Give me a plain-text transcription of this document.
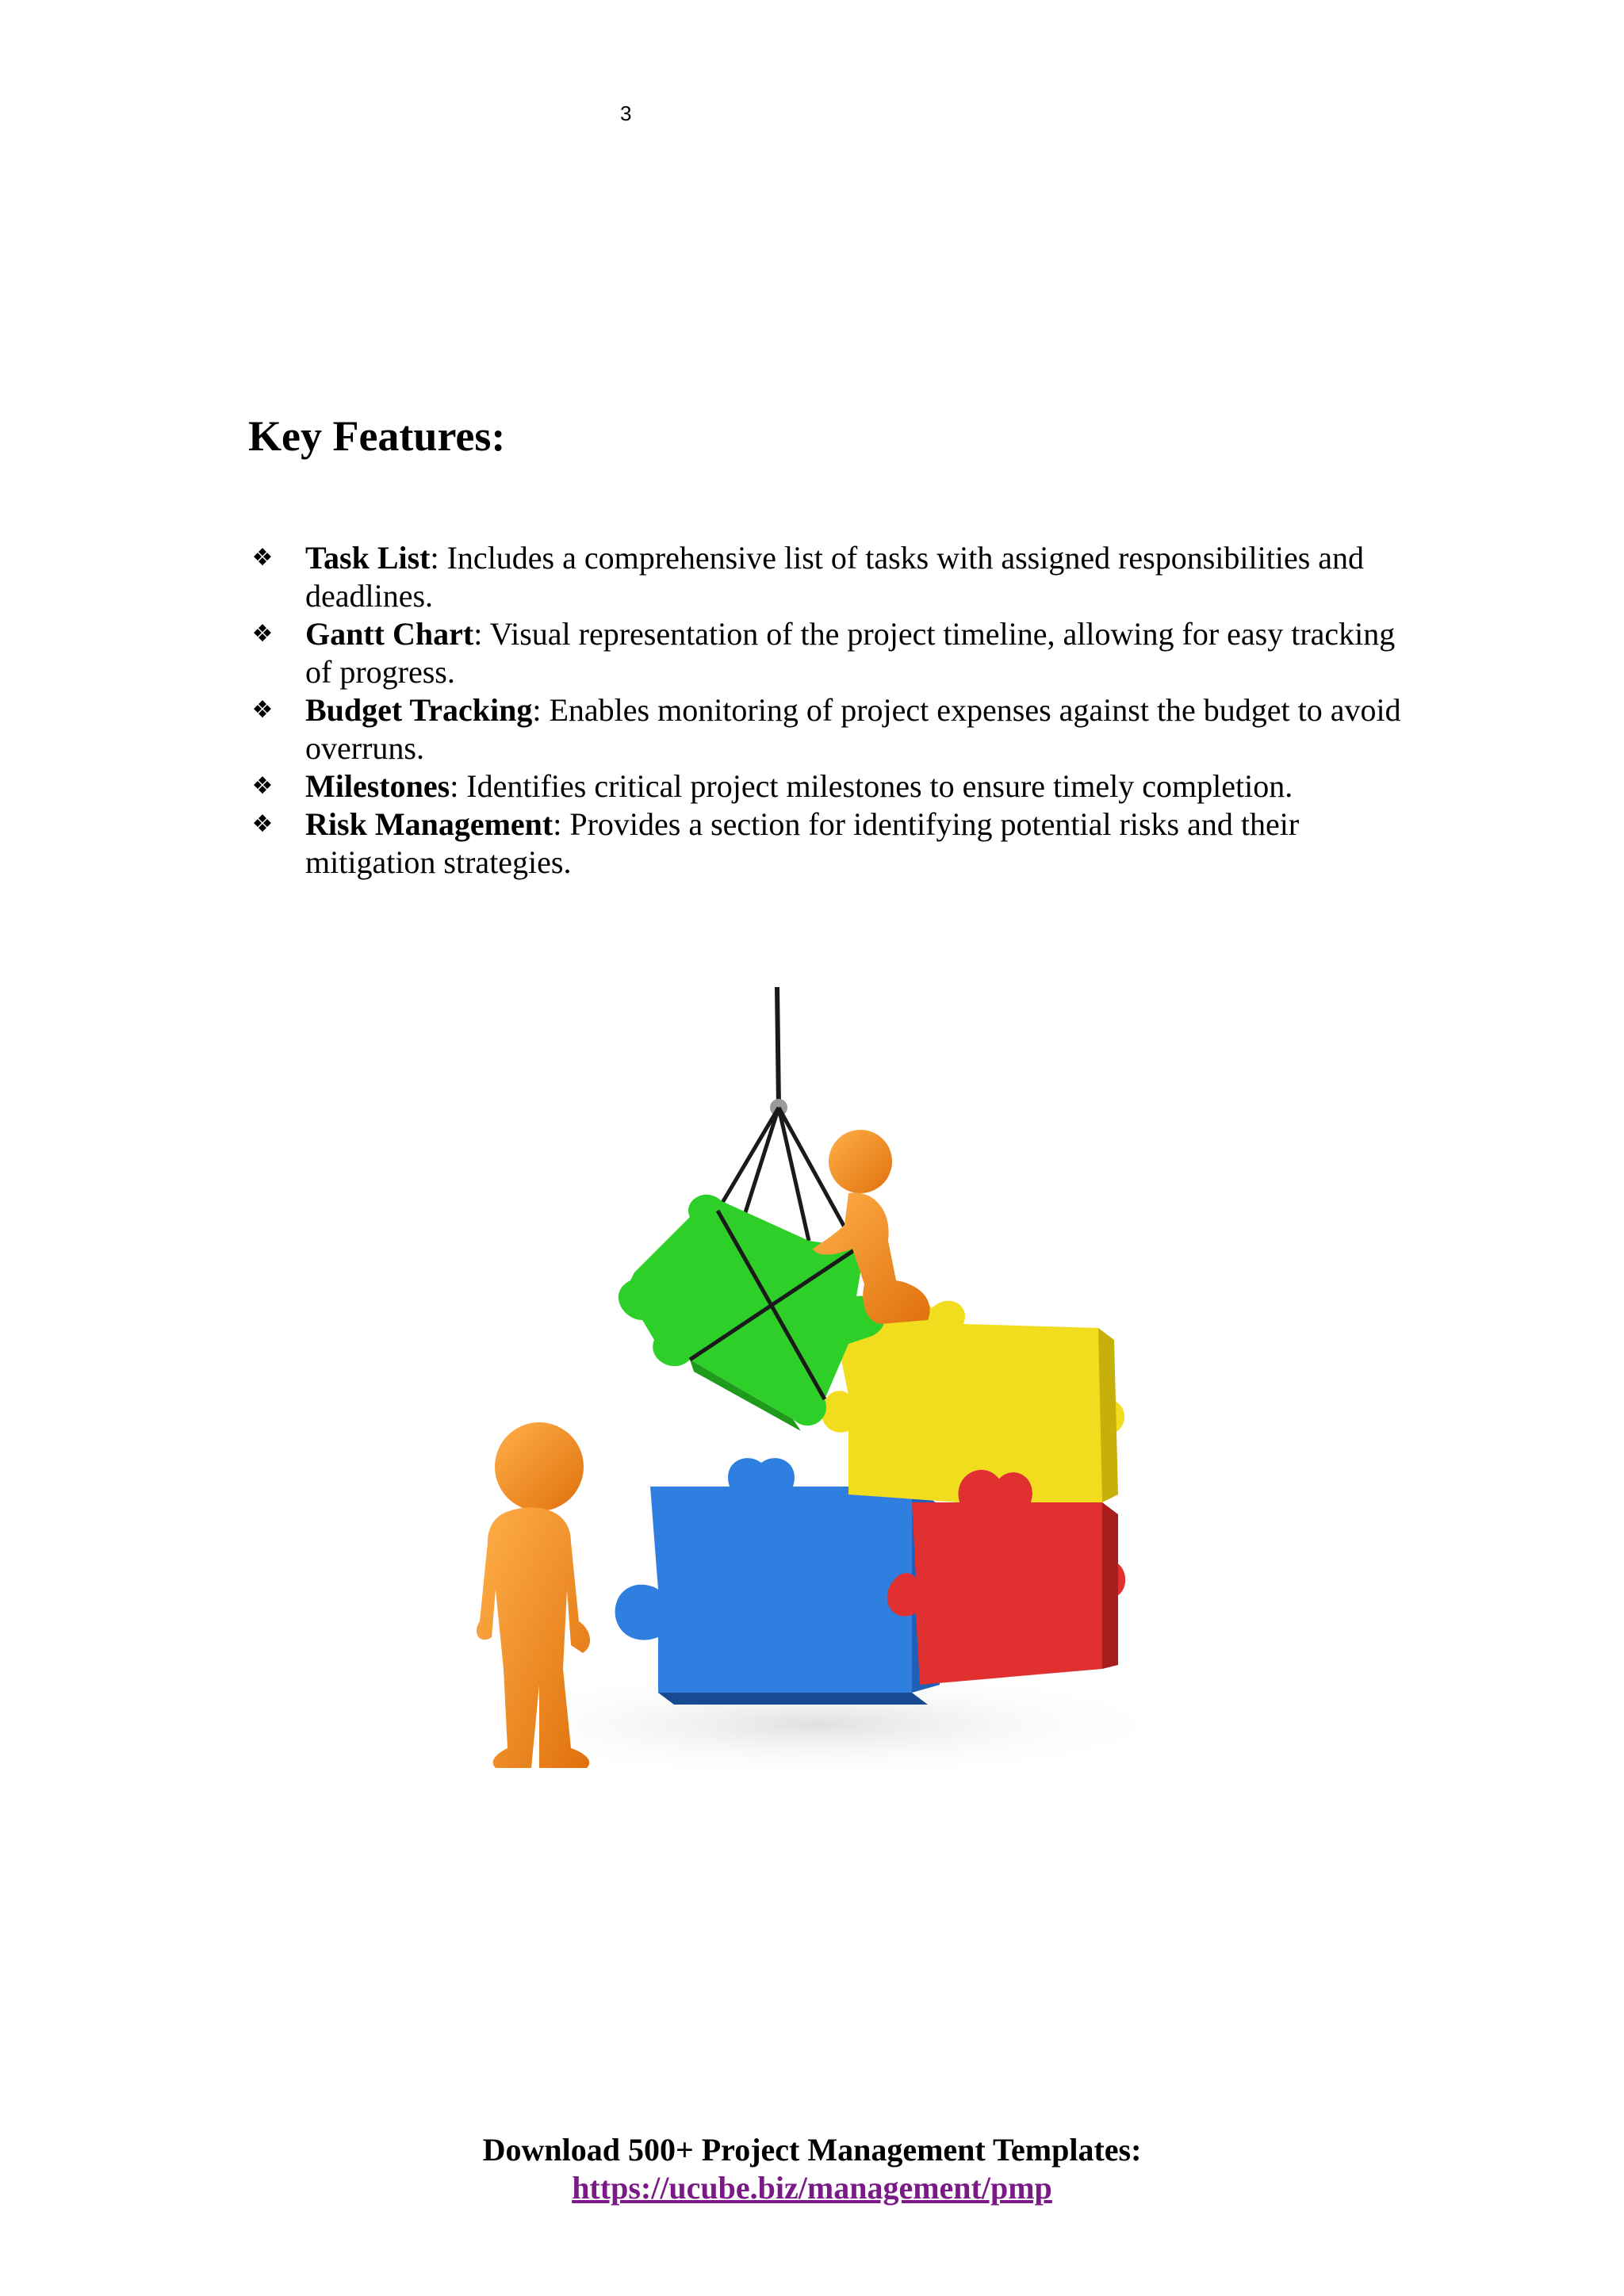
3
Key Features:
❖ Task List: Includes a comprehensive list of tasks with assigned responsibilities and deadlines.
❖ Gantt Chart: Visual representation of the project timeline, allowing for easy tracking of progress.
❖ Budget Tracking: Enables monitoring of project expenses against the budget to avoid overruns.
❖ Milestones: Identifies critical project milestones to ensure timely completion.
❖ Risk Management: Provides a section for identifying potential risks and their mitigation strategies.
Download 500+ Project Management Templates:
https://ucube.biz/management/pmp
